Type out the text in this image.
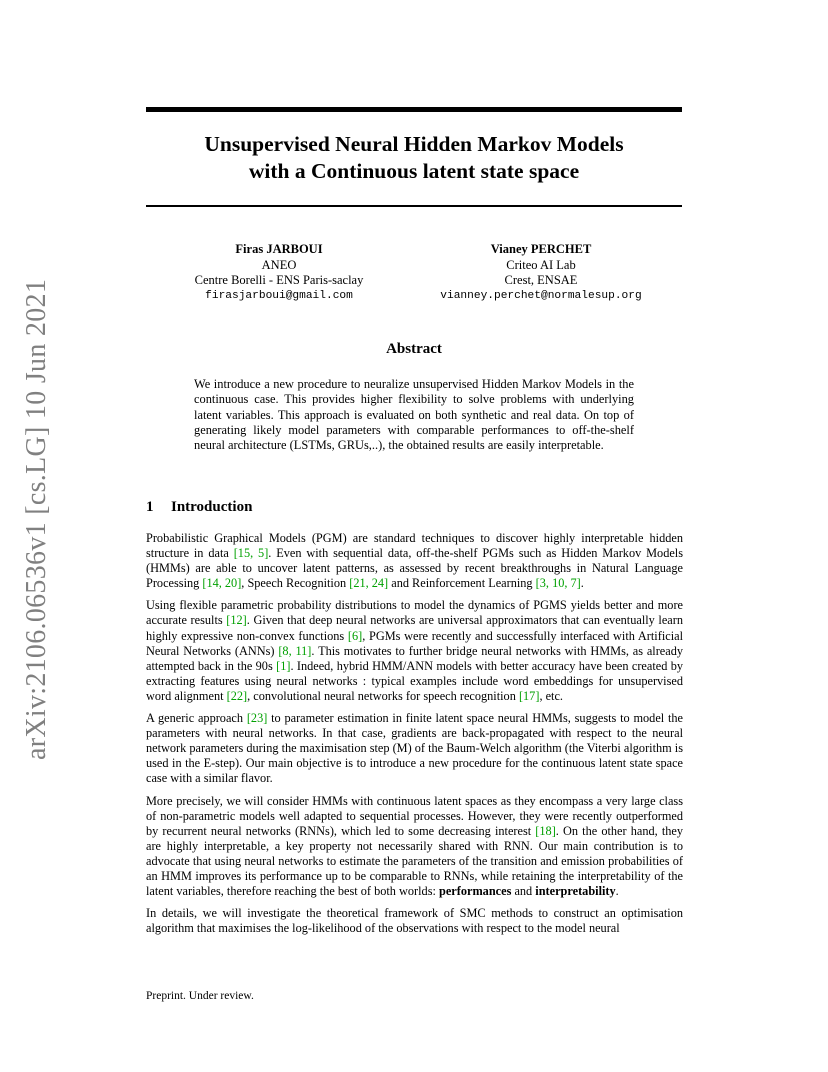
arXiv:2106.06536v1 [cs.LG] 10 Jun 2021
Unsupervised Neural Hidden Markov Models
with a Continuous latent state space
Firas JARBOUI
ANEO
Centre Borelli - ENS Paris-saclay
firasjarboui@gmail.com
Vianey PERCHET
Criteo AI Lab
Crest, ENSAE
vianney.perchet@normalesup.org
Abstract
We introduce a new procedure to neuralize unsupervised Hidden Markov Models in the continuous case. This provides higher flexibility to solve problems with underlying latent variables. This approach is evaluated on both synthetic and real data. On top of generating likely model parameters with comparable performances to off-the-shelf neural architecture (LSTMs, GRUs,..), the obtained results are easily interpretable.
1 Introduction

Probabilistic Graphical Models (PGM) are standard techniques to discover highly interpretable hidden structure in data [15, 5]. Even with sequential data, off-the-shelf PGMs such as Hidden Markov Models (HMMs) are able to uncover latent patterns, as assessed by recent breakthroughs in Natural Language Processing [14, 20], Speech Recognition [21, 24] and Reinforcement Learning [3, 10, 7].

Using flexible parametric probability distributions to model the dynamics of PGMS yields better and more accurate results [12]. Given that deep neural networks are universal approximators that can eventually learn highly expressive non-convex functions [6], PGMs were recently and successfully interfaced with Artificial Neural Networks (ANNs) [8, 11]. This motivates to further bridge neural networks with HMMs, as already attempted back in the 90s [1]. Indeed, hybrid HMM/ANN models with better accuracy have been created by extracting features using neural networks : typical examples include word embeddings for unsupervised word alignment [22], convolutional neural networks for speech recognition [17], etc.

A generic approach [23] to parameter estimation in finite latent space neural HMMs, suggests to model the parameters with neural networks. In that case, gradients are back-propagated with respect to the neural network parameters during the maximisation step (M) of the Baum-Welch algorithm (the Viterbi algorithm is used in the E-step). Our main objective is to introduce a new procedure for the continuous latent state space case with a similar flavor.

More precisely, we will consider HMMs with continuous latent spaces as they encompass a very large class of non-parametric models well adapted to sequential processes. However, they were recently outperformed by recurrent neural networks (RNNs), which led to some decreasing interest [18]. On the other hand, they are highly interpretable, a key property not necessarily shared with RNN. Our main contribution is to advocate that using neural networks to estimate the parameters of the transition and emission probabilities of an HMM improves its performance up to be comparable to RNNs, while retaining the interpretability of the latent variables, therefore reaching the best of both worlds: performances and interpretability.

In details, we will investigate the theoretical framework of SMC methods to construct an optimisation algorithm that maximises the log-likelihood of the observations with respect to the model neural

Preprint. Under review.
